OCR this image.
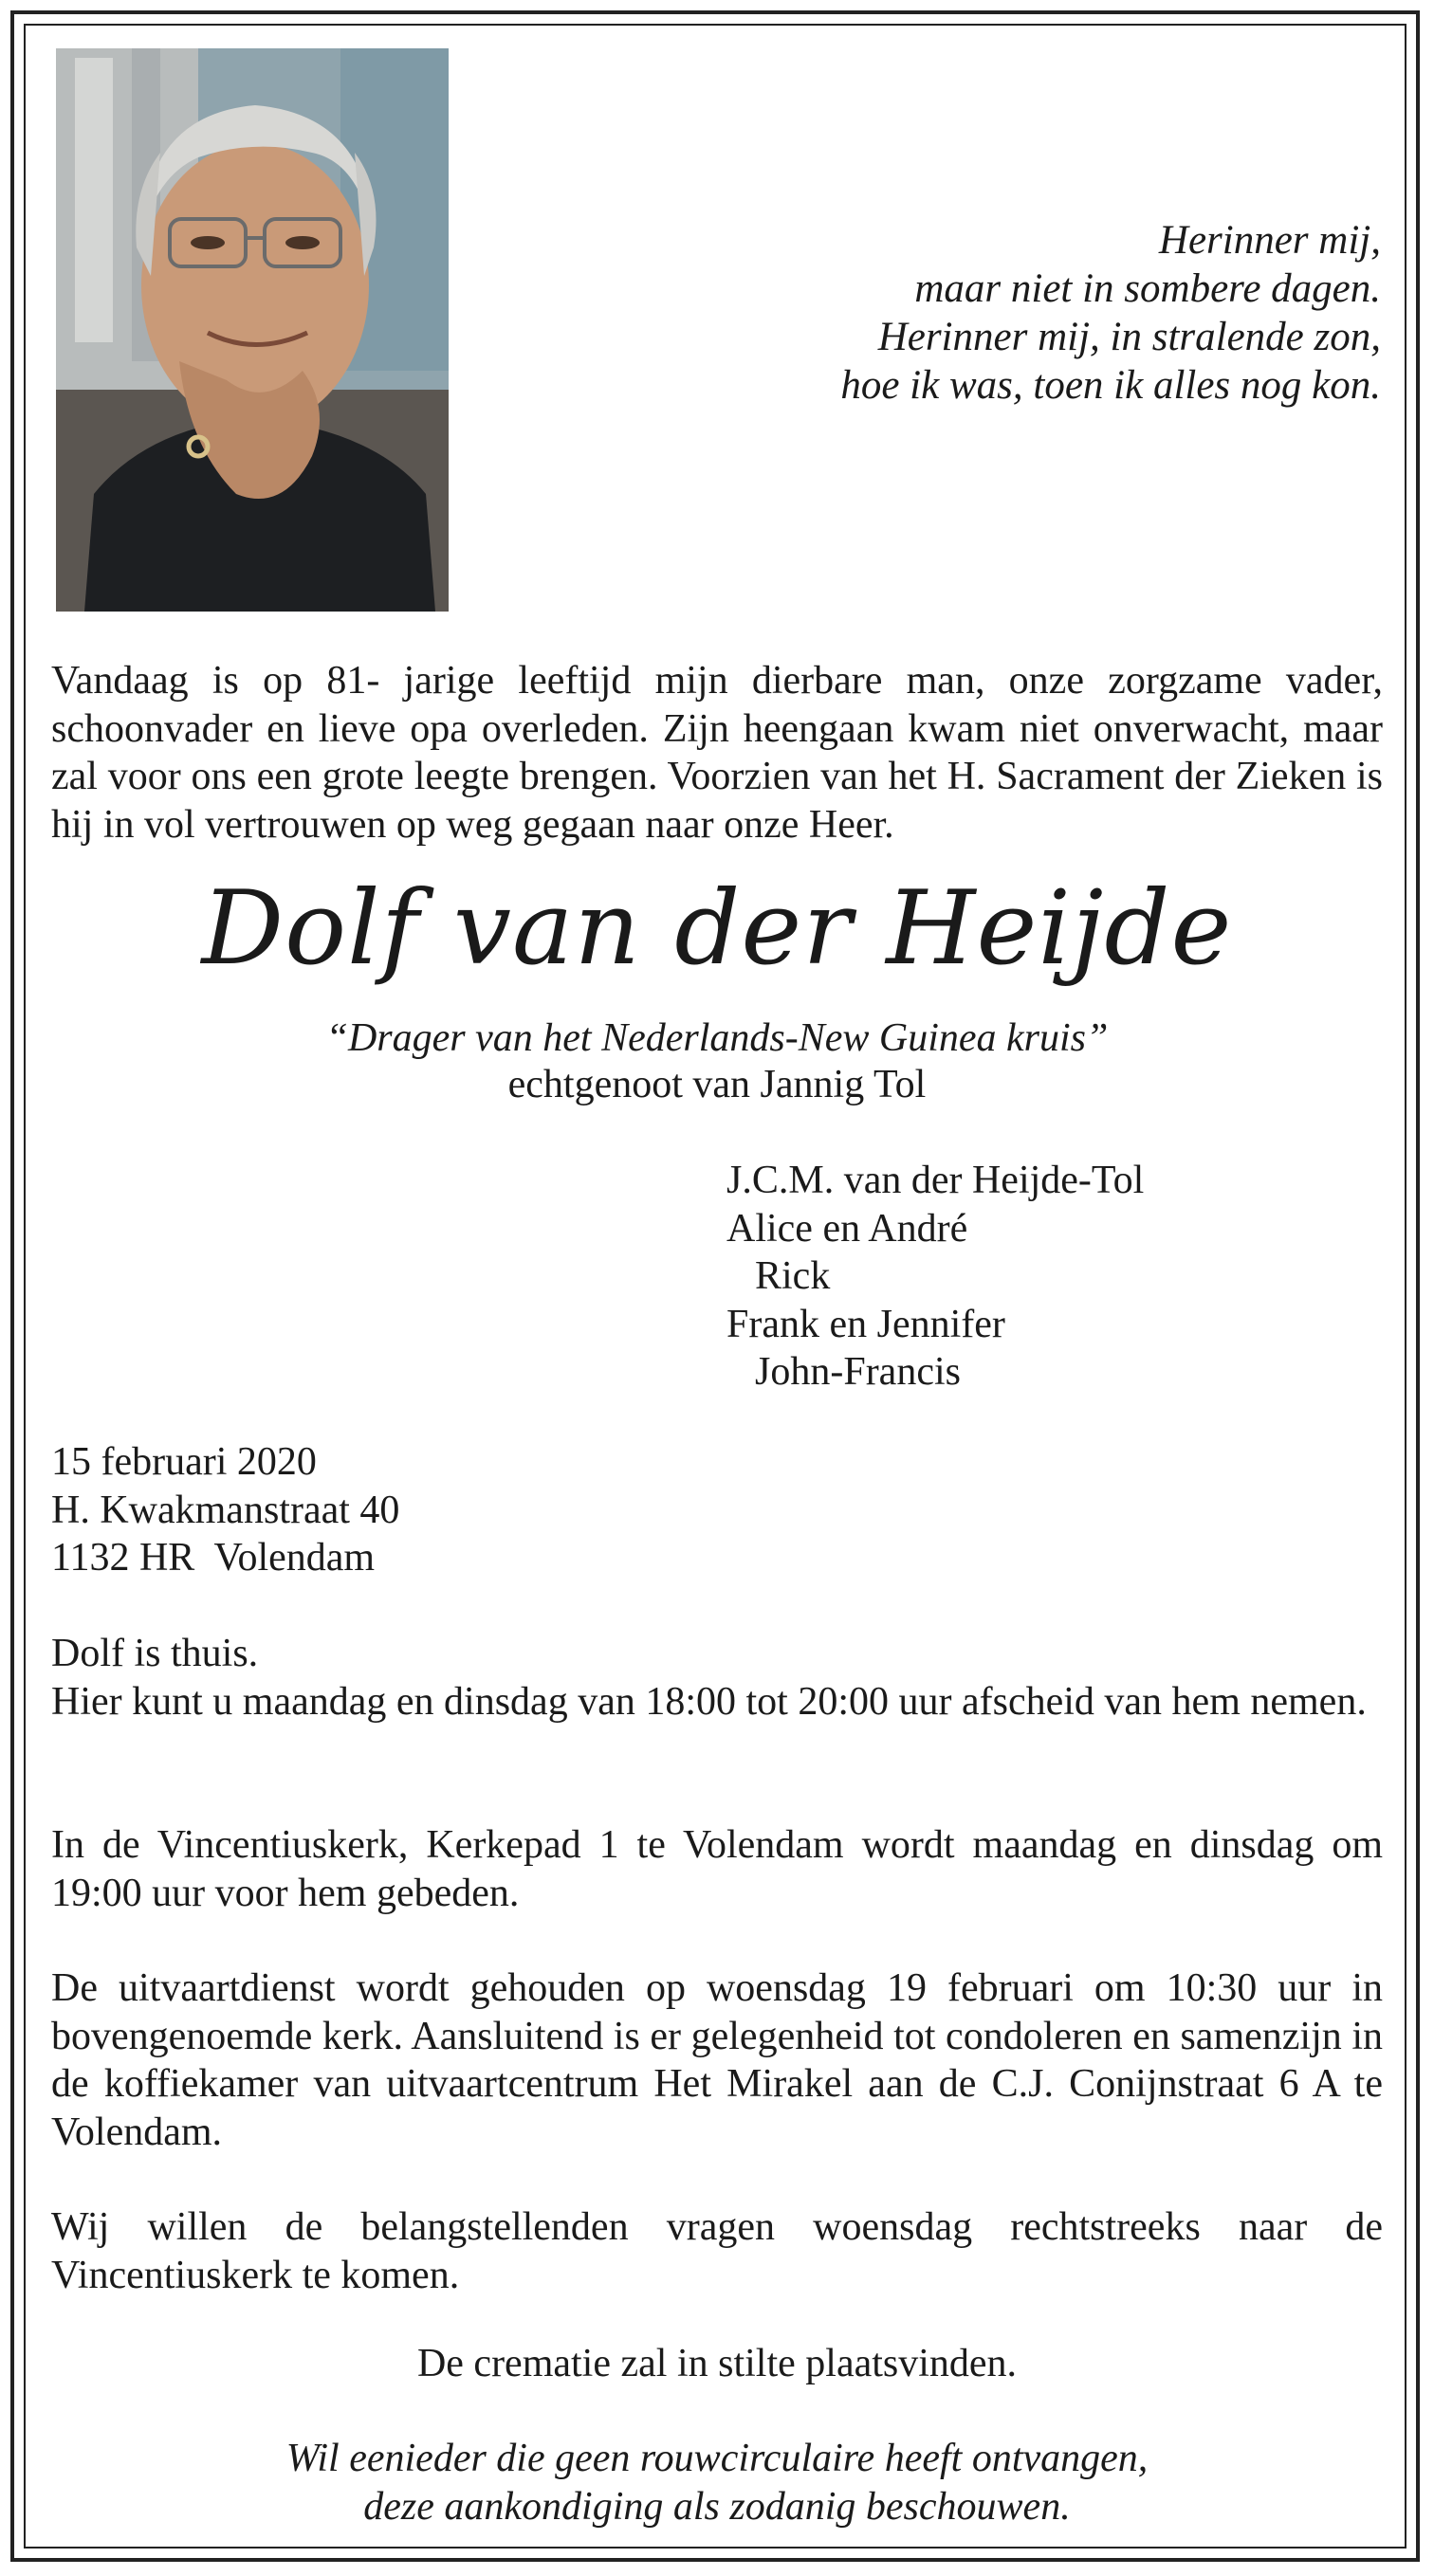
Herinner mij,
maar niet in sombere dagen.
Herinner mij, in stralende zon,
hoe ik was, toen ik alles nog kon.
Vandaag is op 81- jarige leeftijd mijn dierbare man, onze zorgzame vader, schoonvader en lieve opa overleden. Zijn heengaan kwam niet onverwacht, maar zal voor ons een grote leegte brengen. Voorzien van het H. Sacrament der Zieken is hij in vol vertrouwen op weg gegaan naar onze Heer.
Dolf van der Heijde
“Drager van het Nederlands-New Guinea kruis”
echtgenoot van Jannig Tol
J.C.M. van der Heijde-Tol
Alice en André
Rick
Frank en Jennifer
John-Francis
15 februari 2020
H. Kwakmanstraat 40
1132 HR  Volendam
Dolf is thuis.
Hier kunt u maandag en dinsdag van 18:00 tot 20:00 uur afscheid van hem nemen.
In de Vincentiuskerk, Kerkepad 1 te Volendam wordt maandag en dinsdag om 19:00 uur voor hem gebeden.
De uitvaartdienst wordt gehouden op woensdag 19 februari om 10:30 uur in bovengenoemde kerk. Aansluitend is er gelegenheid tot condoleren en samenzijn in de koffiekamer van uitvaartcentrum Het Mirakel aan de C.J. Conijnstraat 6 A te Volendam.
Wij willen de belangstellenden vragen woensdag rechtstreeks naar de Vincentiuskerk te komen.
De crematie zal in stilte plaatsvinden.
Wil eenieder die geen rouwcirculaire heeft ontvangen,
deze aankondiging als zodanig beschouwen.
